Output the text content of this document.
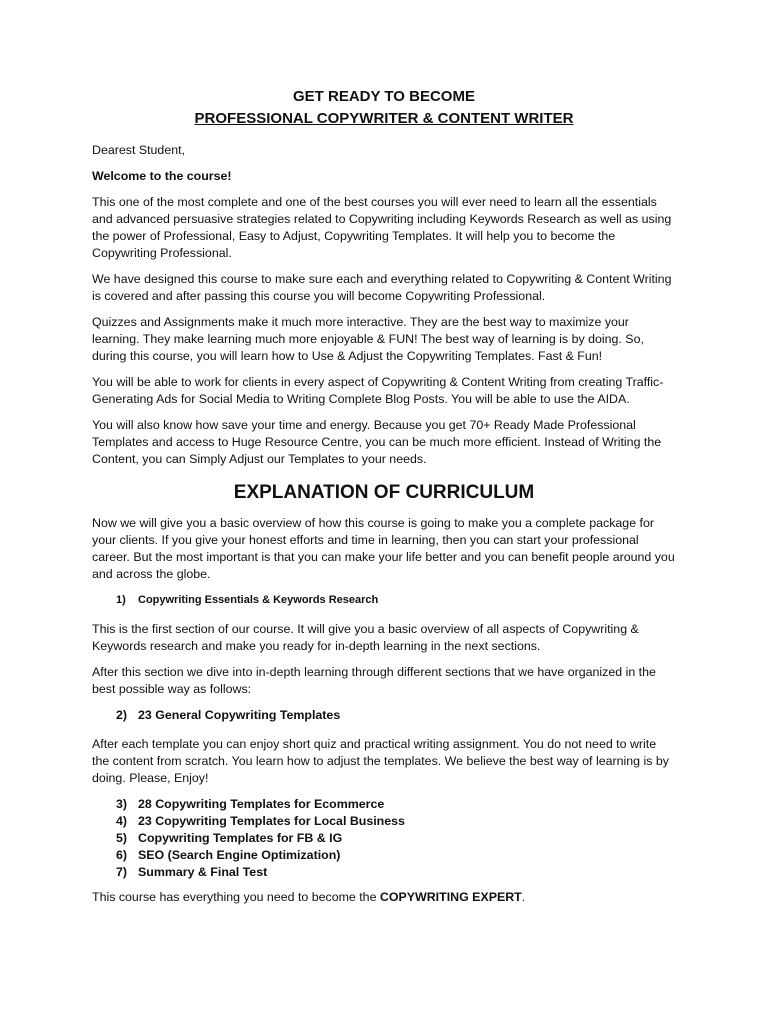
GET READY TO BECOME
PROFESSIONAL COPYWRITER & CONTENT WRITER

Dearest Student,

Welcome to the course!

This one of the most complete and one of the best courses you will ever need to learn all the essentials and advanced persuasive strategies related to Copywriting including Keywords Research as well as using the power of Professional, Easy to Adjust, Copywriting Templates. It will help you to become the Copywriting Professional.

We have designed this course to make sure each and everything related to Copywriting & Content Writing is covered and after passing this course you will become Copywriting Professional.

Quizzes and Assignments make it much more interactive. They are the best way to maximize your learning. They make learning much more enjoyable & FUN! The best way of learning is by doing. So, during this course, you will learn how to Use & Adjust the Copywriting Templates. Fast & Fun!

You will be able to work for clients in every aspect of Copywriting & Content Writing from creating Traffic-Generating Ads for Social Media to Writing Complete Blog Posts. You will be able to use the AIDA.

You will also know how save your time and energy. Because you get 70+ Ready Made Professional Templates and access to Huge Resource Centre, you can be much more efficient. Instead of Writing the Content, you can Simply Adjust our Templates to your needs.

EXPLANATION OF CURRICULUM

Now we will give you a basic overview of how this course is going to make you a complete package for your clients. If you give your honest efforts and time in learning, then you can start your professional career. But the most important is that you can make your life better and you can benefit people around you and across the globe.

1)	Copywriting Essentials & Keywords Research

This is the first section of our course. It will give you a basic overview of all aspects of Copywriting & Keywords research and make you ready for in-depth learning in the next sections.

After this section we dive into in-depth learning through different sections that we have organized in the best possible way as follows:

2) 23 General Copywriting Templates

After each template you can enjoy short quiz and practical writing assignment. You do not need to write the content from scratch. You learn how to adjust the templates. We believe the best way of learning is by doing. Please, Enjoy!

3) 28 Copywriting Templates for Ecommerce
4) 23 Copywriting Templates for Local Business
5) Copywriting Templates for FB & IG
6) SEO (Search Engine Optimization)
7) Summary & Final Test

This course has everything you need to become the COPYWRITING EXPERT.
